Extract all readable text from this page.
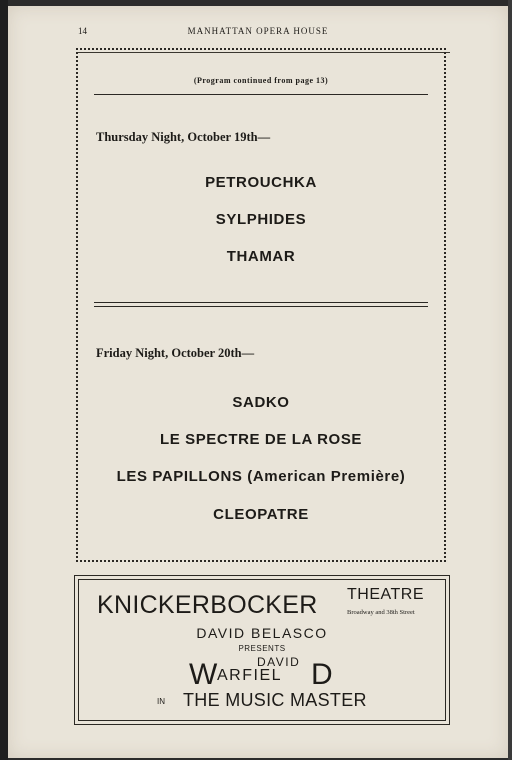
14	MANHATTAN OPERA HOUSE
(Program continued from page 13)
Thursday Night, October 19th—
PETROUCHKA
SYLPHIDES
THAMAR
Friday Night, October 20th—
SADKO
LE SPECTRE DE LA ROSE
LES PAPILLONS (American Première)
CLEOPATRE
KNICKERBOCKER THEATRE
Broadway and 38th Street
DAVID BELASCO
PRESENTS
DAVID
W ARFIEL D
IN THE MUSIC MASTER
